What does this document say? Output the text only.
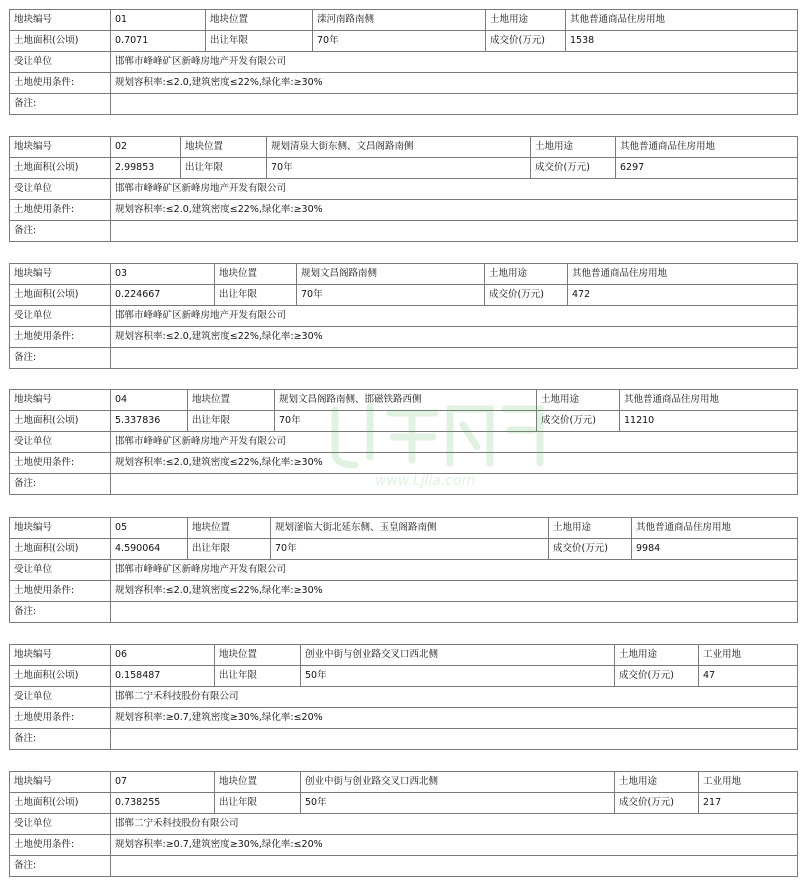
地块编号	01	地块位置	滦河南路南侧	土地用途	其他普通商品住房用地
土地面积(公顷)	0.7071	出让年限	70年	成交价(万元)	1538
受让单位	邯郸市峰峰矿区新峰房地产开发有限公司				
土地使用条件:	规划容积率:≤2.0,建筑密度≤22%,绿化率:≥30%				
备注:					
地块编号	02	地块位置	规划清泉大街东侧、文昌阁路南侧	土地用途	其他普通商品住房用地
土地面积(公顷)	2.99853	出让年限	70年	成交价(万元)	6297
受让单位	邯郸市峰峰矿区新峰房地产开发有限公司				
土地使用条件:	规划容积率:≤2.0,建筑密度≤22%,绿化率:≥30%				
备注:					
地块编号	03	地块位置	规划文昌阁路南侧	土地用途	其他普通商品住房用地
土地面积(公顷)	0.224667	出让年限	70年	成交价(万元)	472
受让单位	邯郸市峰峰矿区新峰房地产开发有限公司				
土地使用条件:	规划容积率:≤2.0,建筑密度≤22%,绿化率:≥30%				
备注:					
地块编号	04	地块位置	规划文昌阁路南侧、邯磁铁路西侧	土地用途	其他普通商品住房用地
土地面积(公顷)	5.337836	出让年限	70年	成交价(万元)	11210
受让单位	邯郸市峰峰矿区新峰房地产开发有限公司				
土地使用条件:	规划容积率:≤2.0,建筑密度≤22%,绿化率:≥30%				
备注:					
地块编号	05	地块位置	规划滏临大街北延东侧、玉皇阁路南侧	土地用途	其他普通商品住房用地
土地面积(公顷)	4.590064	出让年限	70年	成交价(万元)	9984
受让单位	邯郸市峰峰矿区新峰房地产开发有限公司				
土地使用条件:	规划容积率:≤2.0,建筑密度≤22%,绿化率:≥30%				
备注:					
地块编号	06	地块位置	创业中街与创业路交叉口西北侧	土地用途	工业用地
土地面积(公顷)	0.158487	出让年限	50年	成交价(万元)	47
受让单位	邯郸二宁禾科技股份有限公司				
土地使用条件:	规划容积率:≥0.7,建筑密度≥30%,绿化率:≤20%				
备注:					
地块编号	07	地块位置	创业中街与创业路交叉口西北侧	土地用途	工业用地
土地面积(公顷)	0.738255	出让年限	50年	成交价(万元)	217
受让单位	邯郸二宁禾科技股份有限公司				
土地使用条件:	规划容积率:≥0.7,建筑密度≥30%,绿化率:≤20%				
备注:					
www.Ljlia.com
